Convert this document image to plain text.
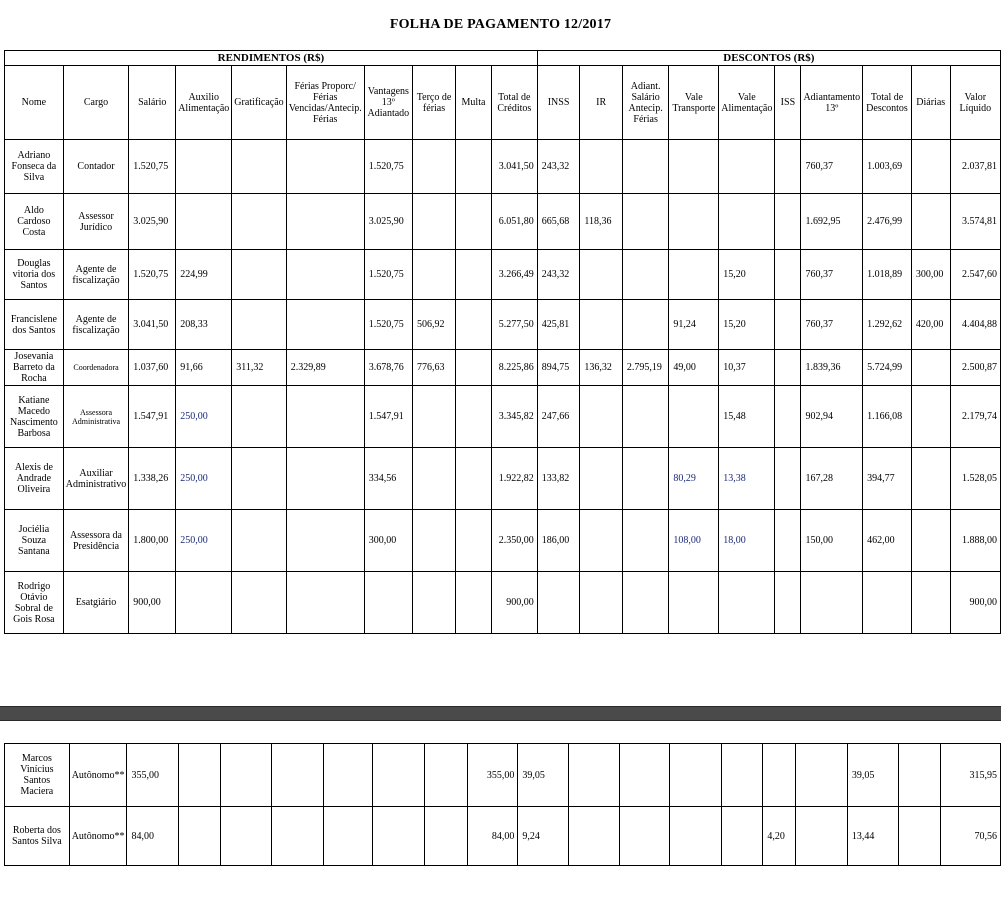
FOLHA DE PAGAMENTO 12/2017
RENDIMENTOS (R$)										DESCONTOS (R$)									
Nome	Cargo	Salário	Auxilio Alimentação	Gratificação	Férias Proporc/ Férias Vencidas/Antecip. Férias	Vantagens 13º Adiantado	Terço de férias	Multa	Total de Créditos	INSS	IR	Adiant. Salário Antecip. Férias	Vale Transporte	Vale Alimentação	ISS	Adiantamento 13º	Total de Descontos	Diárias	Valor Líquido
Adriano Fonseca da Silva	Contador	1.520,75				1.520,75			3.041,50	243,32						760,37	1.003,69		2.037,81
Aldo Cardoso Costa	Assessor Jurídico	3.025,90				3.025,90			6.051,80	665,68	118,36					1.692,95	2.476,99		3.574,81
Douglas vitoria dos Santos	Agente de fiscalização	1.520,75	224,99			1.520,75			3.266,49	243,32				15,20		760,37	1.018,89	300,00	2.547,60
Francislene dos Santos	Agente de fiscalização	3.041,50	208,33			1.520,75	506,92		5.277,50	425,81			91,24	15,20		760,37	1.292,62	420,00	4.404,88
Josevania Barreto da Rocha	Coordenadora	1.037,60	91,66	311,32	2.329,89	3.678,76	776,63		8.225,86	894,75	136,32	2.795,19	49,00	10,37		1.839,36	5.724,99		2.500,87
Katiane Macedo Nascimento Barbosa	Assessora Administrativa	1.547,91	250,00			1.547,91			3.345,82	247,66				15,48		902,94	1.166,08		2.179,74
Alexis de Andrade Oliveira	Auxiliar Administrativo	1.338,26	250,00			334,56			1.922,82	133,82			80,29	13,38		167,28	394,77		1.528,05
Jociélia Souza Santana	Assessora da Presidência	1.800,00	250,00			300,00			2.350,00	186,00			108,00	18,00		150,00	462,00		1.888,00
Rodrigo Otávio Sobral de Gois Rosa	Esatgiário	900,00							900,00										900,00
Marcos Vinícius Santos Maciera	Autônomo**	355,00							355,00	39,05							39,05		315,95
Roberta dos Santos Silva	Autônomo**	84,00							84,00	9,24					4,20		13,44		70,56
